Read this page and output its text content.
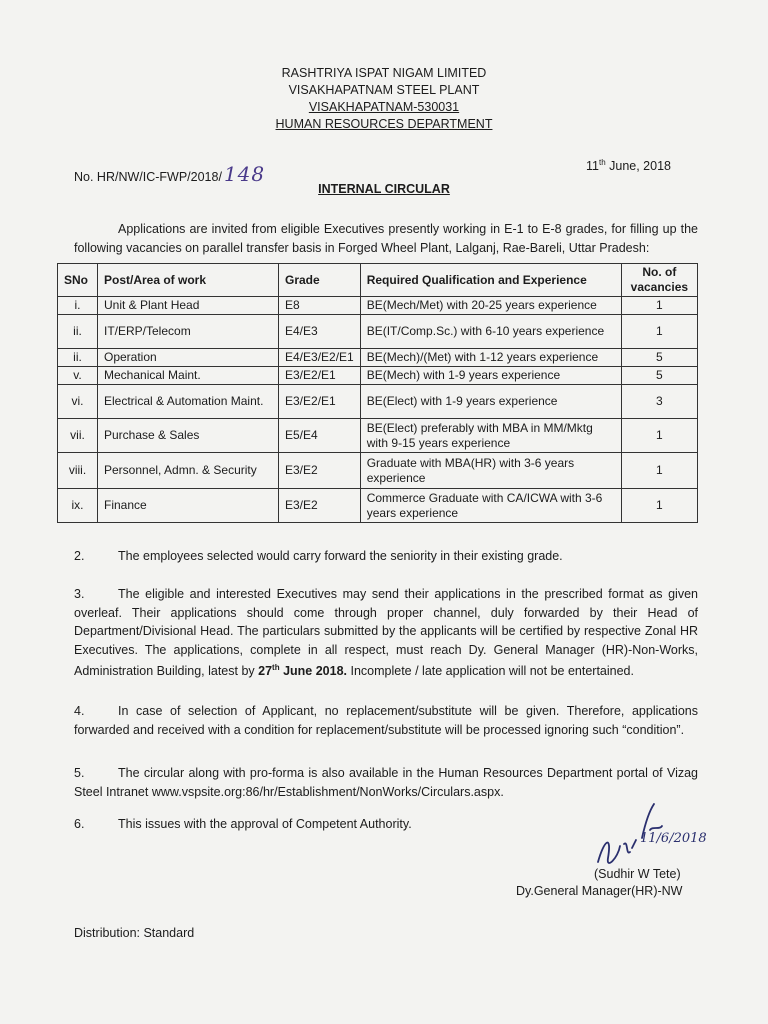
RASHTRIYA ISPAT NIGAM LIMITED
VISAKHAPATNAM STEEL PLANT
VISAKHAPATNAM-530031
HUMAN RESOURCES DEPARTMENT
No. HR/NW/IC-FWP/2018/ 148	11th June, 2018
INTERNAL CIRCULAR
Applications are invited from eligible Executives presently working in E-1 to E-8 grades, for filling up the following vacancies on parallel transfer basis in Forged Wheel Plant, Lalganj, Rae-Bareli, Uttar Pradesh:
SNo	Post/Area of work	Grade	Required Qualification and Experience	No. of vacancies
i.	Unit & Plant Head	E8	BE(Mech/Met) with 20-25 years experience	1
ii.	IT/ERP/Telecom	E4/E3	BE(IT/Comp.Sc.) with 6-10 years experience	1
ii.	Operation	E4/E3/E2/E1	BE(Mech)/(Met) with 1-12 years experience	5
v.	Mechanical Maint.	E3/E2/E1	BE(Mech) with 1-9 years experience	5
vi.	Electrical & Automation Maint.	E3/E2/E1	BE(Elect) with 1-9 years experience	3
vii.	Purchase & Sales	E5/E4	BE(Elect) preferably with MBA in MM/Mktg with 9-15 years experience	1
viii.	Personnel, Admn. & Security	E3/E2	Graduate with MBA(HR) with 3-6 years experience	1
ix.	Finance	E3/E2	Commerce Graduate with CA/ICWA with 3-6 years experience	1
2.	The employees selected would carry forward the seniority in their existing grade.
3.	The eligible and interested Executives may send their applications in the prescribed format as given overleaf. Their applications should come through proper channel, duly forwarded by their Head of Department/Divisional Head. The particulars submitted by the applicants will be certified by respective Zonal HR Executives. The applications, complete in all respect, must reach Dy. General Manager (HR)-Non-Works, Administration Building, latest by 27th June 2018. Incomplete / late application will not be entertained.
4.	In case of selection of Applicant, no replacement/substitute will be given. Therefore, applications forwarded and received with a condition for replacement/substitute will be processed ignoring such “condition”.
5.	The circular along with pro-forma is also available in the Human Resources Department portal of Vizag Steel Intranet www.vspsite.org:86/hr/Establishment/NonWorks/Circulars.aspx.
6.	This issues with the approval of Competent Authority.
11/6/2018
(Sudhir W Tete)
Dy.General Manager(HR)-NW
Distribution: Standard
